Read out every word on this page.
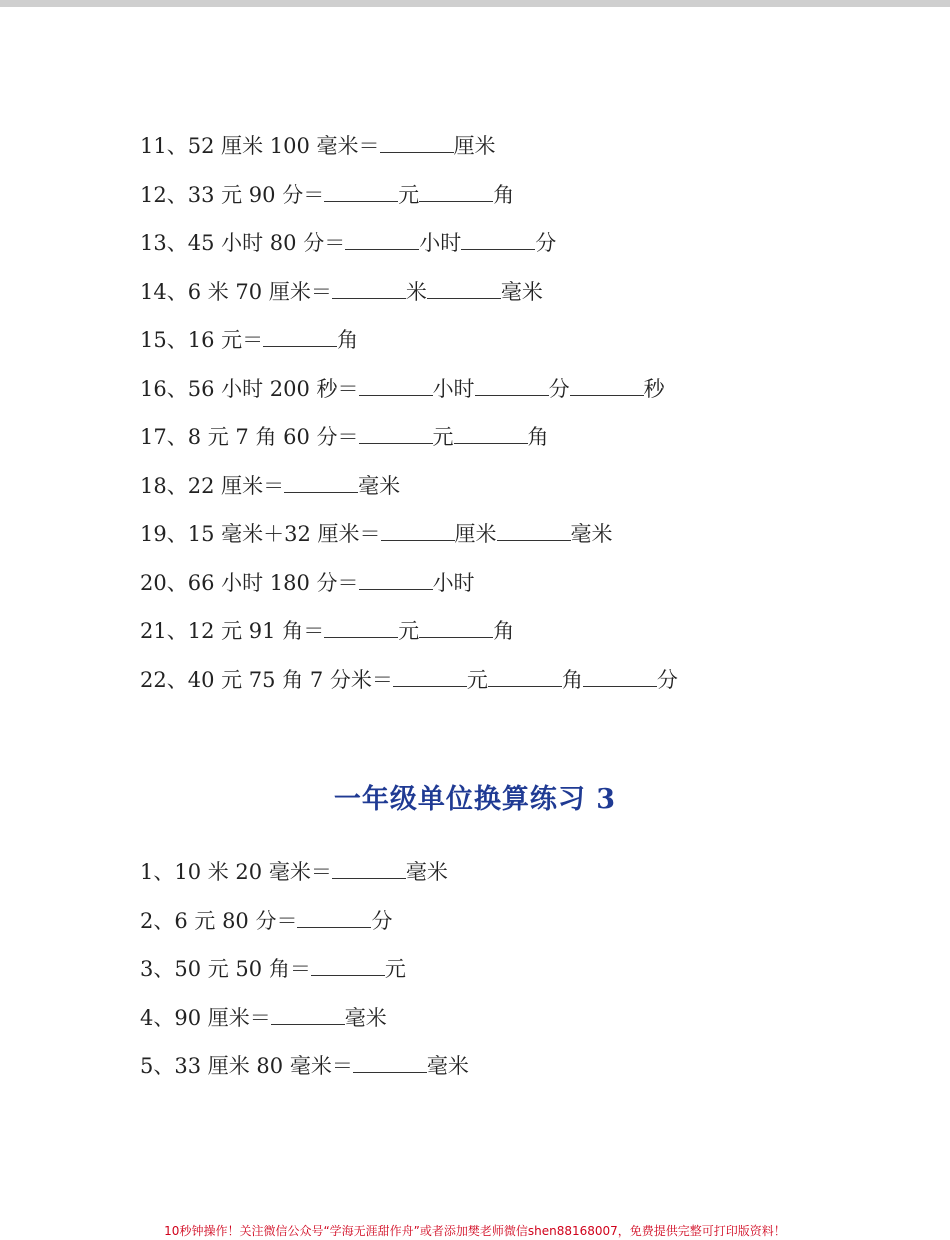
11、52 厘米 100 毫米＝	厘米
12、33 元 90 分＝	元	角
13、45 小时 80 分＝	小时	分
14、6 米 70 厘米＝	米	毫米
15、16 元＝	角
16、56 小时 200 秒＝	小时	分	秒
17、8 元 7 角 60 分＝	元	角
18、22 厘米＝	毫米
19、15 毫米＋32 厘米＝	厘米	毫米
20、66 小时 180 分＝	小时
21、12 元 91 角＝	元	角
22、40 元 75 角 7 分米＝	元	角	分
一年级单位换算练习 3
1、10 米 20 毫米＝	毫米
2、6 元 80 分＝	分
3、50 元 50 角＝	元
4、90 厘米＝	毫米
5、33 厘米 80 毫米＝	毫米
10秒钟操作！关注微信公众号“学海无涯甜作舟”或者添加樊老师微信shen88168007，免费提供完整可打印版资料！
